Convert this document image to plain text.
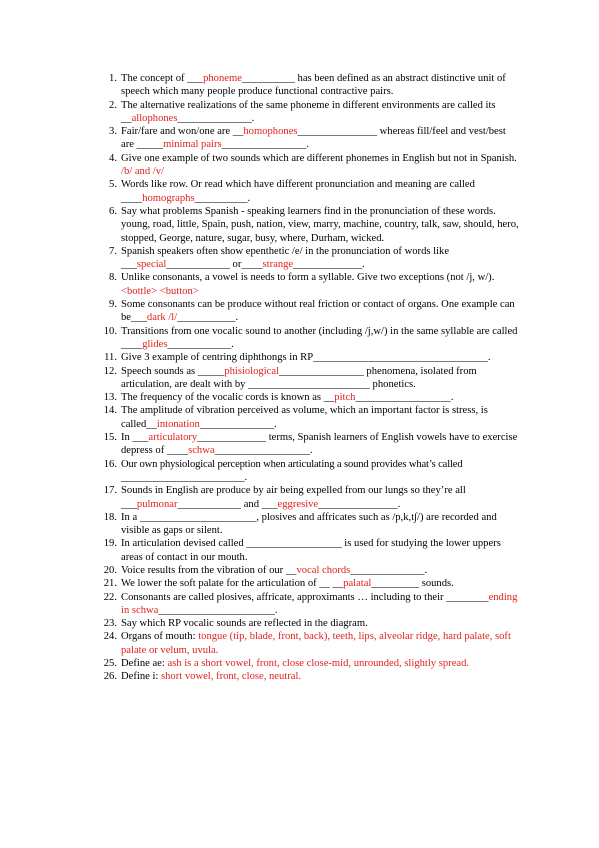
1. The concept of ___phoneme__________ has been defined as an abstract distinctive unit of speech which many people produce functional contractive pairs.
2. The alternative realizations of the same phoneme in different environments are called its __allophones______________.
3. Fair/fare and won/one are __homophones_______________ whereas fill/feel and vest/best are _____minimal pairs________________.
4. Give one example of two sounds which are different phonemes in English but not in Spanish. /b/ and /v/
5. Words like row. Or read which have different pronunciation and meaning are called ____homographs__________.
6. Say what problems Spanish - speaking learners find in the pronunciation of these words.
young, road, little, Spain, push, nation, view, marry, machine, country, talk, saw, should, hero, stopped, George, nature, sugar, busy, where, Durham, wicked.
7. Spanish speakers often show epenthetic /e/ in the pronunciation of words like ___special____________ or____strange_____________.
8. Unlike consonants, a vowel is needs to form a syllable. Give two exceptions (not /j, w/). <bottle> <button>
9. Some consonants can be produce without real friction or contact of organs. One example can be___dark /l/___________.
10. Transitions from one vocalic sound to another (including /j,w/) in the same syllable are called ____glides____________.
11. Give 3 example of centring diphthongs in RP_________________________________.
12. Speech sounds as _____phisiological________________ phenomena, isolated from articulation, are dealt with by _______________________ phonetics.
13. The frequency of the vocalic cords is known as __pitch__________________.
14. The amplitude of vibration perceived as volume, which an important factor is stress, is called__intonation______________.
15. In ___articulatory_____________ terms, Spanish learners of English vowels have to exercise depress of ____schwa__________________.
16. Our own physiological perception when articulating a sound provides what’s called ________________________.
17. Sounds in English are produce by air being expelled from our lungs so they’re all ___pulmonar____________ and ___eggresive_______________.
18. In a ______________________, plosives and affricates such as /p,k,t∫/) are recorded and visible as gaps or silent.
19. In articulation devised called __________________ is used for studying the lower uppers areas of contact in our mouth.
20. Voice results from the vibration of our __vocal chords______________.
21. We lower the soft palate for the articulation of __ __palatal_________ sounds.
22. Consonants are called plosives, affricate, approximants … including to their ________ending in schwa______________________.
23. Say which RP vocalic sounds are reflected in the diagram.
24. Organs of mouth: tongue (tip, blade, front, back), teeth, lips, alveolar ridge, hard palate, soft palate or velum, uvula.
25. Define ae: ash is a short vowel, front, close close-mid, unrounded, slightly spread.
26. Define i: short vowel, front, close, neutral.
